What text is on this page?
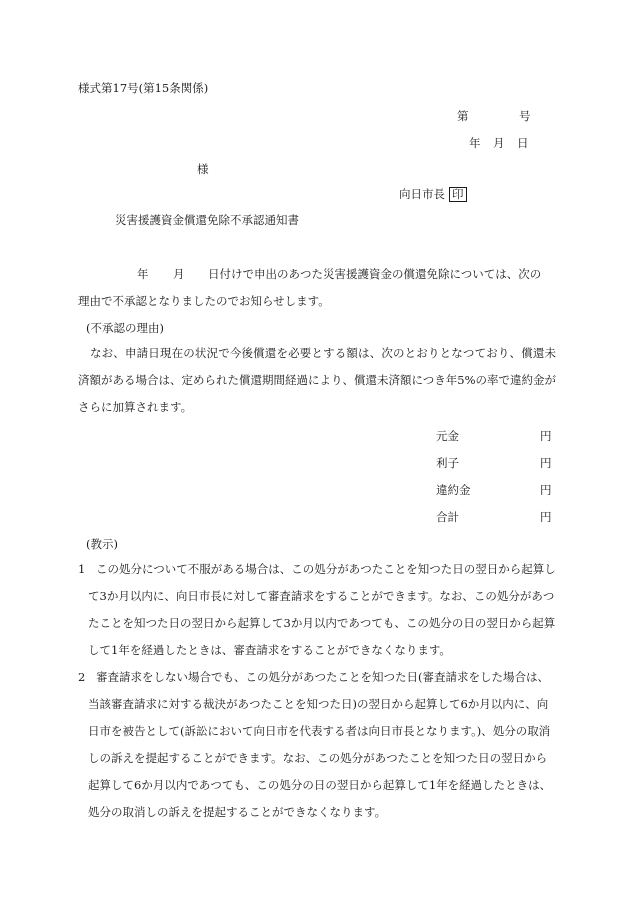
様式第17号(第15条関係)
第	号
年 月 日
様
向日市長 印
災害援護資金償還免除不承認通知書
年 月 日付けで申出のあつた災害援護資金の償還免除については、次の
理由で不承認となりましたのでお知らせします。
(不承認の理由)
なお、申請日現在の状況で今後償還を必要とする額は、次のとおりとなつており、償還未済額がある場合は、定められた償還期間経過により、償還未済額につき年5%の率で違約金がさらに加算されます。
元金	円
利子	円
違約金	円
合計	円
(教示)
1 この処分について不服がある場合は、この処分があつたことを知つた日の翌日から起算して3か月以内に、向日市長に対して審査請求をすることができます。なお、この処分があつたことを知つた日の翌日から起算して3か月以内であつても、この処分の日の翌日から起算して1年を経過したときは、審査請求をすることができなくなります。
2 審査請求をしない場合でも、この処分があつたことを知つた日(審査請求をした場合は、当該審査請求に対する裁決があつたことを知つた日)の翌日から起算して6か月以内に、向日市を被告として(訴訟において向日市を代表する者は向日市長となります。)、処分の取消しの訴えを提起することができます。なお、この処分があつたことを知つた日の翌日から起算して6か月以内であつても、この処分の日の翌日から起算して1年を経過したときは、処分の取消しの訴えを提起することができなくなります。
